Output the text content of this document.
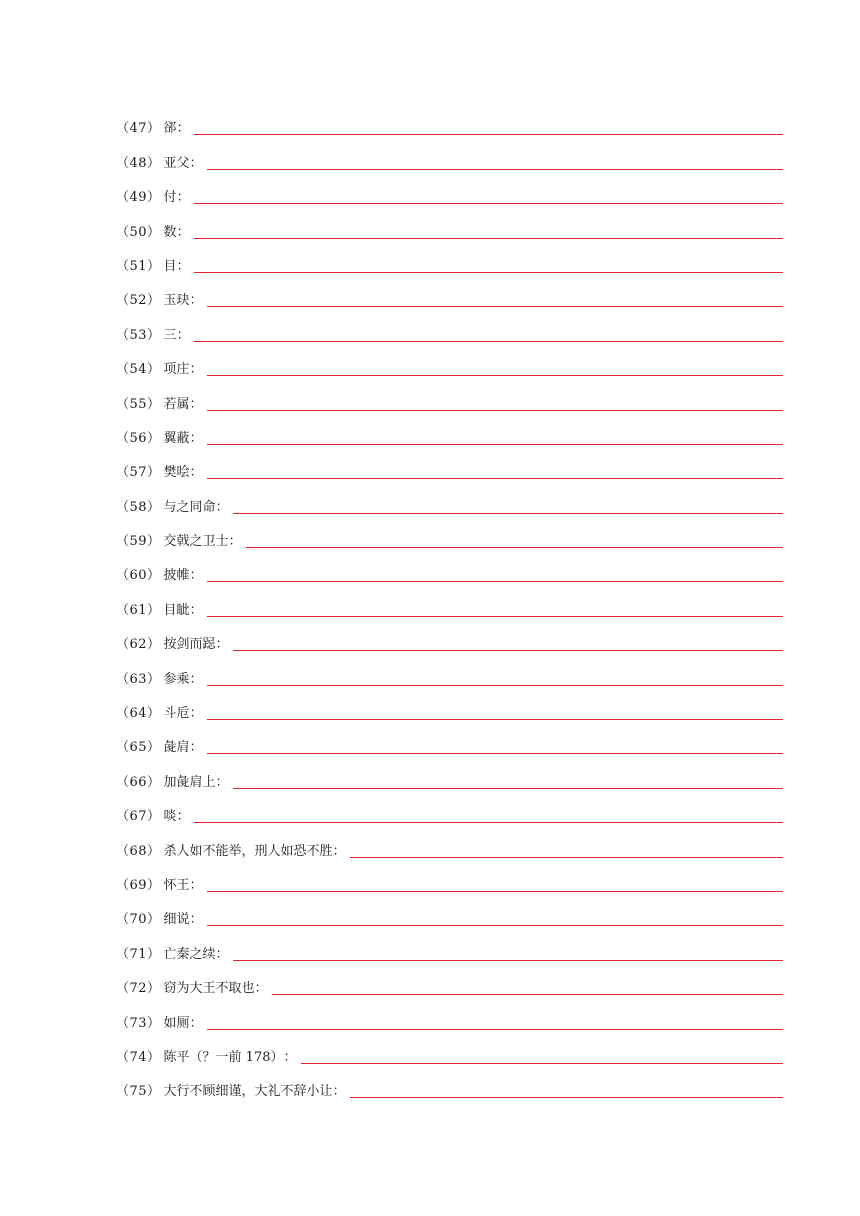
（47） 郤 ：
（48） 亚父 ：
（49） 付 ：
（50） 数 ：
（51） 目 ：
（52） 玉玦 ：
（53） 三 ：
（54） 项庄 ：
（55） 若属 ：
（56） 翼蔽 ：
（57） 樊哙 ：
（58） 与之同命 ：
（59） 交戟之卫士 ：
（60） 披帷 ：
（61） 目眦 ：
（62） 按剑而跽 ：
（63） 参乘 ：
（64） 斗卮 ：
（65） 彘肩 ：
（66） 加彘肩上 ：
（67） 啖 ：
（68） 杀人如不能举，刑人如恐不胜 ：
（69） 怀王 ：
（70） 细说 ：
（71） 亡秦之续 ：
（72） 窃为大王不取也 ：
（73） 如厕 ：
（74） 陈平（？一前 178） ：
（75） 大行不顾细谨，大礼不辞小让 ：
